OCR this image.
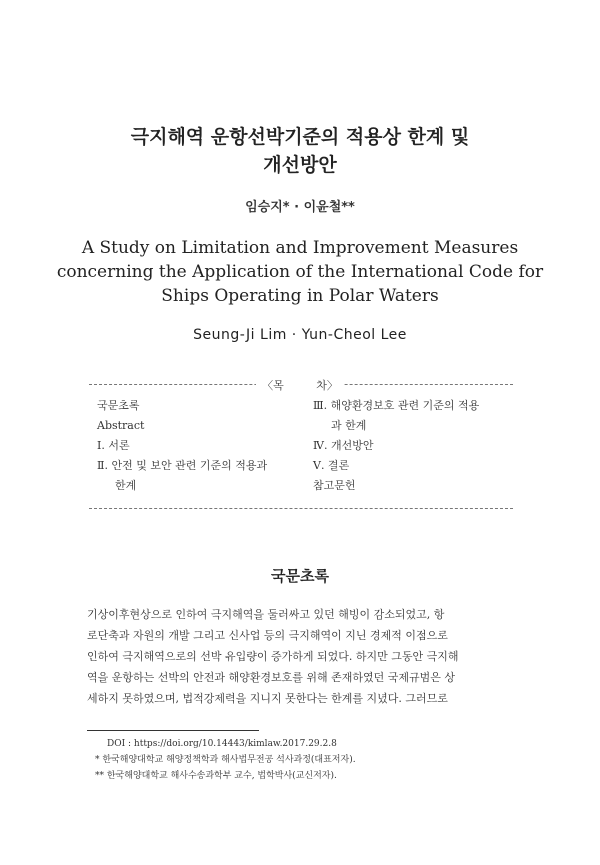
극지해역 운항선박기준의 적용상 한계 및
개선방안
임승지* · 이윤철**
A Study on Limitation and Improvement Measures
concerning the Application of the International Code for
Ships Operating in Polar Waters
Seung-Ji Lim · Yun-Cheol Lee
〈목 　 　 차〉
국문초록
Abstract
Ⅰ. 서론
Ⅱ. 안전 및 보안 관련 기준의 적용과
한계
Ⅲ. 해양환경보호 관련 기준의 적용
과 한계
Ⅳ. 개선방안
Ⅴ. 결론
참고문헌
국문초록
기상이후현상으로 인하여 극지해역을 둘러싸고 있던 해빙이 감소되었고, 항
로단축과 자원의 개발 그리고 신사업 등의 극지해역이 지닌 경제적 이점으로
인하여 극지해역으로의 선박 유입량이 증가하게 되었다. 하지만 그동안 극지해
역을 운항하는 선박의 안전과 해양환경보호를 위해 존재하였던 국제규범은 상
세하지 못하였으며, 법적강제력을 지니지 못한다는 한계를 지녔다. 그러므로
DOI : https://doi.org/10.14443/kimlaw.2017.29.2.8
* 한국해양대학교 해양정책학과 해사법무전공 석사과정(대표저자).
** 한국해양대학교 해사수송과학부 교수, 법학박사(교신저자).
